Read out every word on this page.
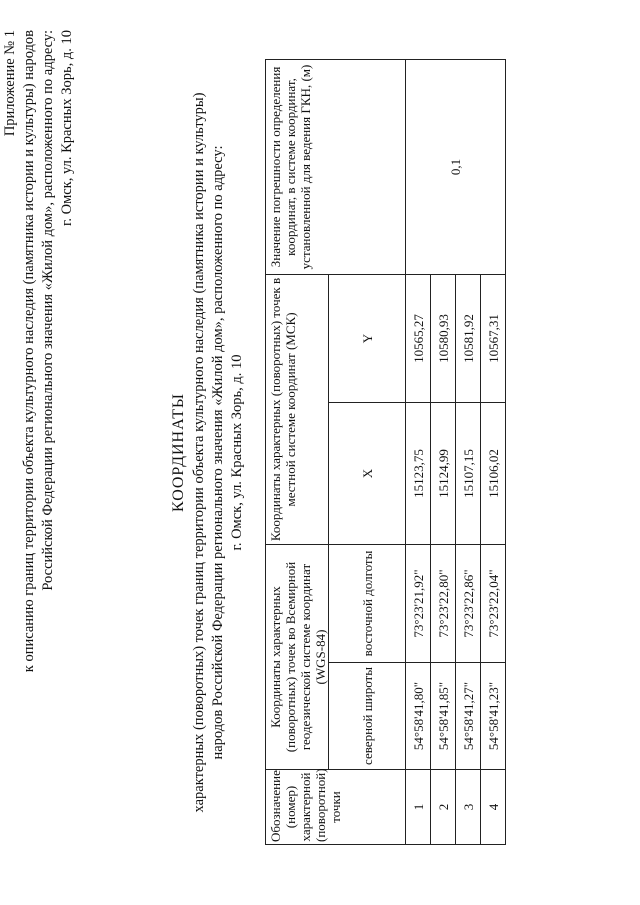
Приложение № 1 к описанию границ территории объекта культурного наследия (памятника истории и культуры) народов Российской Федерации регионального значения «Жилой дом», расположенного по адресу: г. Омск, ул. Красных Зорь, д. 10
КООРДИНАТЫ характерных (поворотных) точек границ территории объекта культурного наследия (памятника истории и культуры) народов Российской Федерации регионального значения «Жилой дом», расположенного по адресу: г. Омск, ул. Красных Зорь, д. 10
Обозначение (номер) характерной (поворотной) точки	Координаты характерных (поворотных) точек во Всемирной геодезической системе координат (WGS-84)		Координаты характерных (поворотных) точек в местной системе координат (МСК)		Значение погрешности определения координат, в системе координат, установленной для ведения ГКН, (м)
	северной широты	восточной долготы	X	Y	
1	54°58'41,80"	73°23'21,92"	15123,75	10565,27	0,1
2	54°58'41,85"	73°23'22,80"	15124,99	10580,93	
3	54°58'41,27"	73°23'22,86"	15107,15	10581,92	
4	54°58'41,23"	73°23'22,04"	15106,02	10567,31	
